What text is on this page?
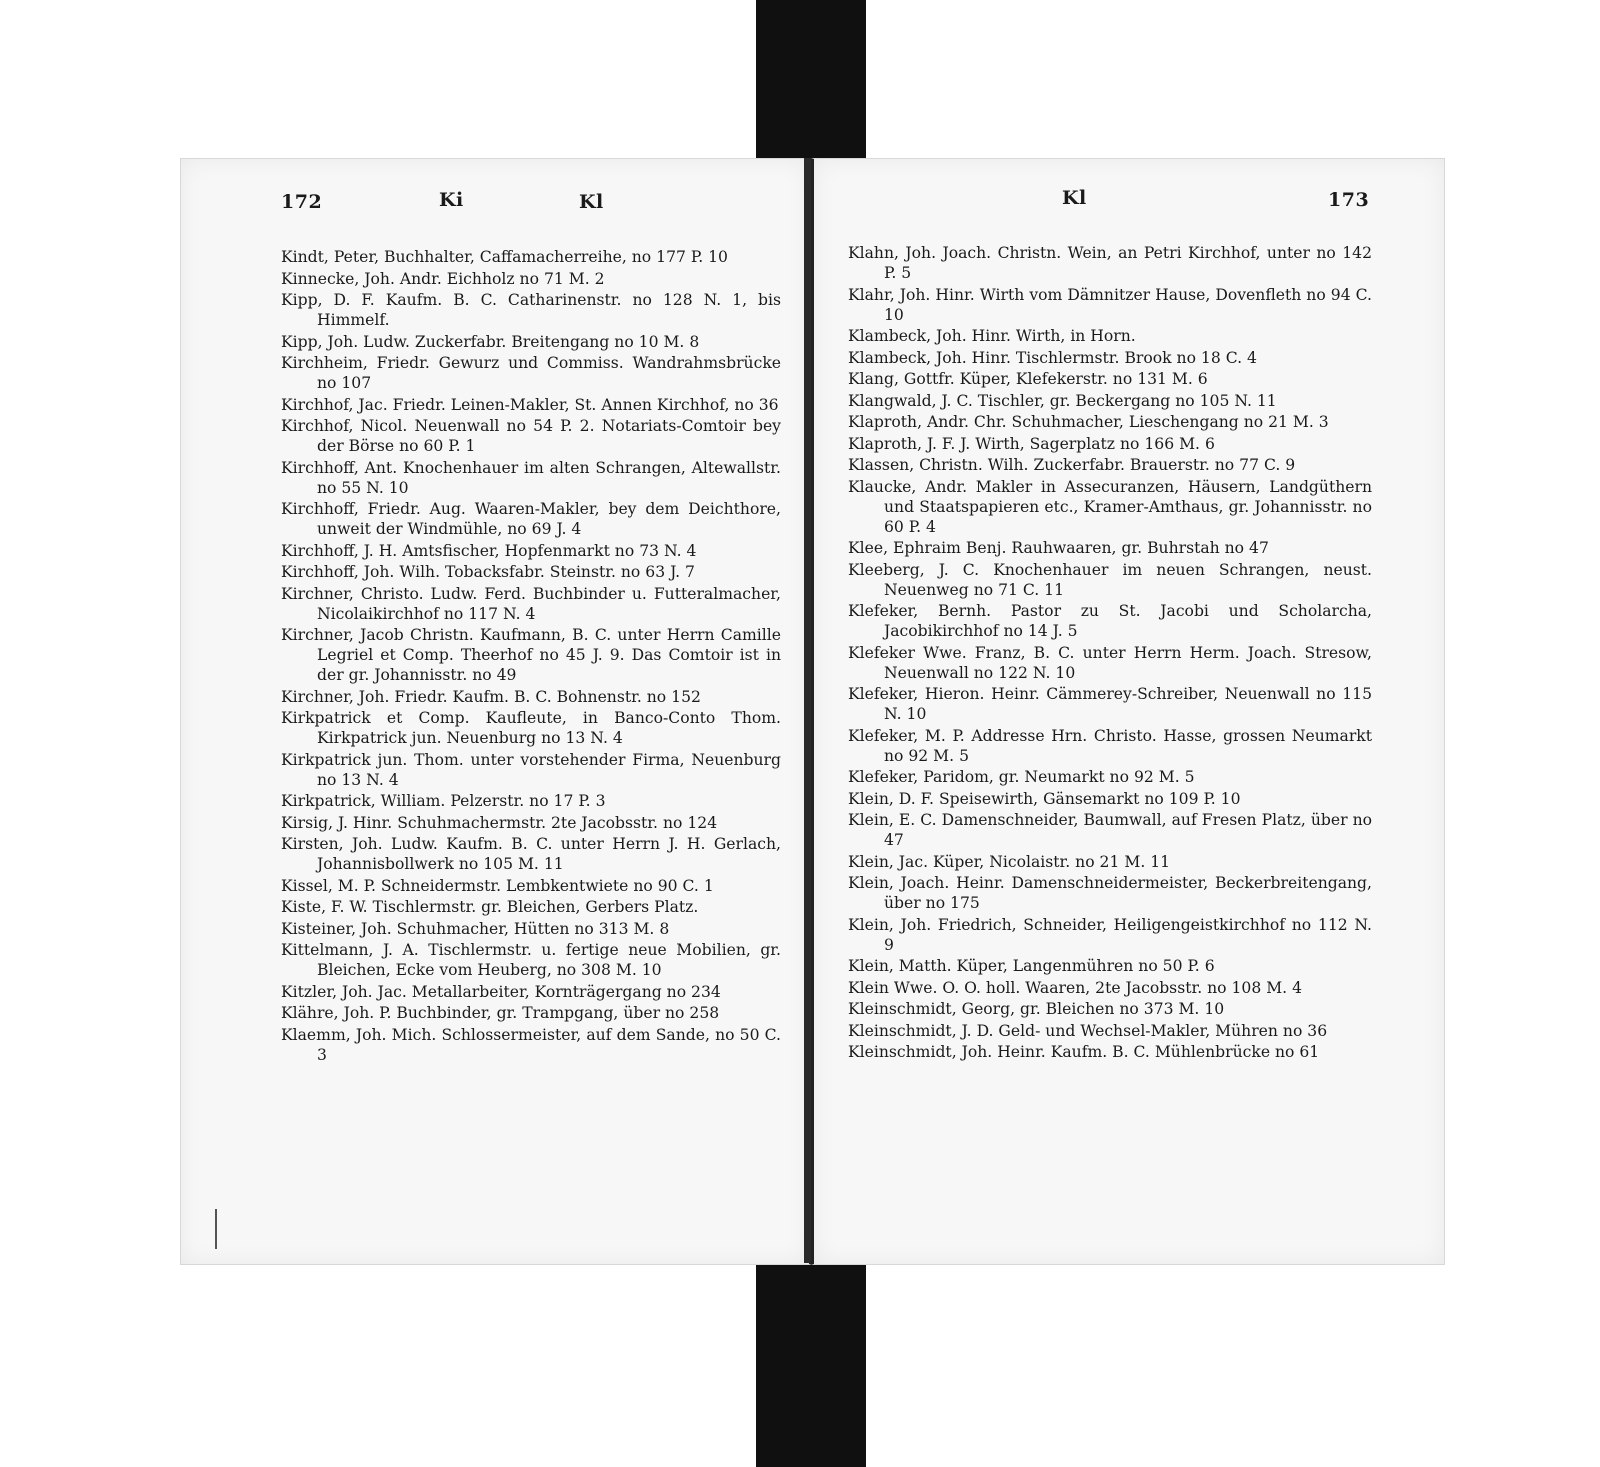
172	Ki	Kl
Kindt, Peter, Buchhalter, Caffamacherreihe, no 177 P. 10
Kinnecke, Joh. Andr. Eichholz no 71 M. 2
Kipp, D. F. Kaufm. B. C. Catharinenstr. no 128 N. 1, bis Himmelf.
Kipp, Joh. Ludw. Zuckerfabr. Breitengang no 10 M. 8
Kirchheim, Friedr. Gewurz und Commiss. Wandrahmsbrücke no 107
Kirchhof, Jac. Friedr. Leinen-Makler, St. Annen Kirchhof, no 36
Kirchhof, Nicol. Neuenwall no 54 P. 2. Notariats-Comtoir bey der Börse no 60 P. 1
Kirchhoff, Ant. Knochenhauer im alten Schrangen, Altewallstr. no 55 N. 10
Kirchhoff, Friedr. Aug. Waaren-Makler, bey dem Deichthore, unweit der Windmühle, no 69 J. 4
Kirchhoff, J. H. Amtsfischer, Hopfenmarkt no 73 N. 4
Kirchhoff, Joh. Wilh. Tobacksfabr. Steinstr. no 63 J. 7
Kirchner, Christo. Ludw. Ferd. Buchbinder u. Futteralmacher, Nicolaikirchhof no 117 N. 4
Kirchner, Jacob Christn. Kaufmann, B. C. unter Herrn Camille Legriel et Comp. Theerhof no 45 J. 9. Das Comtoir ist in der gr. Johannisstr. no 49
Kirchner, Joh. Friedr. Kaufm. B. C. Bohnenstr. no 152
Kirkpatrick et Comp. Kaufleute, in Banco-Conto Thom. Kirkpatrick jun. Neuenburg no 13 N. 4
Kirkpatrick jun. Thom. unter vorstehender Firma, Neuenburg no 13 N. 4
Kirkpatrick, William. Pelzerstr. no 17 P. 3
Kirsig, J. Hinr. Schuhmachermstr. 2te Jacobsstr. no 124
Kirsten, Joh. Ludw. Kaufm. B. C. unter Herrn J. H. Gerlach, Johannisbollwerk no 105 M. 11
Kissel, M. P. Schneidermstr. Lembkentwiete no 90 C. 1
Kiste, F. W. Tischlermstr. gr. Bleichen, Gerbers Platz.
Kisteiner, Joh. Schuhmacher, Hütten no 313 M. 8
Kittelmann, J. A. Tischlermstr. u. fertige neue Mobilien, gr. Bleichen, Ecke vom Heuberg, no 308 M. 10
Kitzler, Joh. Jac. Metallarbeiter, Kornträgergang no 234
Klähre, Joh. P. Buchbinder, gr. Trampgang, über no 258
Klaemm, Joh. Mich. Schlossermeister, auf dem Sande, no 50 C. 3
Kl	173
Klahn, Joh. Joach. Christn. Wein, an Petri Kirchhof, unter no 142 P. 5
Klahr, Joh. Hinr. Wirth vom Dämnitzer Hause, Dovenfleth no 94 C. 10
Klambeck, Joh. Hinr. Wirth, in Horn.
Klambeck, Joh. Hinr. Tischlermstr. Brook no 18 C. 4
Klang, Gottfr. Küper, Klefekerstr. no 131 M. 6
Klangwald, J. C. Tischler, gr. Beckergang no 105 N. 11
Klaproth, Andr. Chr. Schuhmacher, Lieschengang no 21 M. 3
Klaproth, J. F. J. Wirth, Sagerplatz no 166 M. 6
Klassen, Christn. Wilh. Zuckerfabr. Brauerstr. no 77 C. 9
Klaucke, Andr. Makler in Assecuranzen, Häusern, Landgüthern und Staatspapieren etc., Kramer-Amthaus, gr. Johannisstr. no 60 P. 4
Klee, Ephraim Benj. Rauhwaaren, gr. Buhrstah no 47
Kleeberg, J. C. Knochenhauer im neuen Schrangen, neust. Neuenweg no 71 C. 11
Klefeker, Bernh. Pastor zu St. Jacobi und Scholarcha, Jacobikirchhof no 14 J. 5
Klefeker Wwe. Franz, B. C. unter Herrn Herm. Joach. Stresow, Neuenwall no 122 N. 10
Klefeker, Hieron. Heinr. Cämmerey-Schreiber, Neuenwall no 115 N. 10
Klefeker, M. P. Addresse Hrn. Christo. Hasse, grossen Neumarkt no 92 M. 5
Klefeker, Paridom, gr. Neumarkt no 92 M. 5
Klein, D. F. Speisewirth, Gänsemarkt no 109 P. 10
Klein, E. C. Damenschneider, Baumwall, auf Fresen Platz, über no 47
Klein, Jac. Küper, Nicolaistr. no 21 M. 11
Klein, Joach. Heinr. Damenschneidermeister, Beckerbreitengang, über no 175
Klein, Joh. Friedrich, Schneider, Heiligengeistkirchhof no 112 N. 9
Klein, Matth. Küper, Langenmühren no 50 P. 6
Klein Wwe. O. O. holl. Waaren, 2te Jacobsstr. no 108 M. 4
Kleinschmidt, Georg, gr. Bleichen no 373 M. 10
Kleinschmidt, J. D. Geld- und Wechsel-Makler, Mühren no 36
Kleinschmidt, Joh. Heinr. Kaufm. B. C. Mühlenbrücke no 61
